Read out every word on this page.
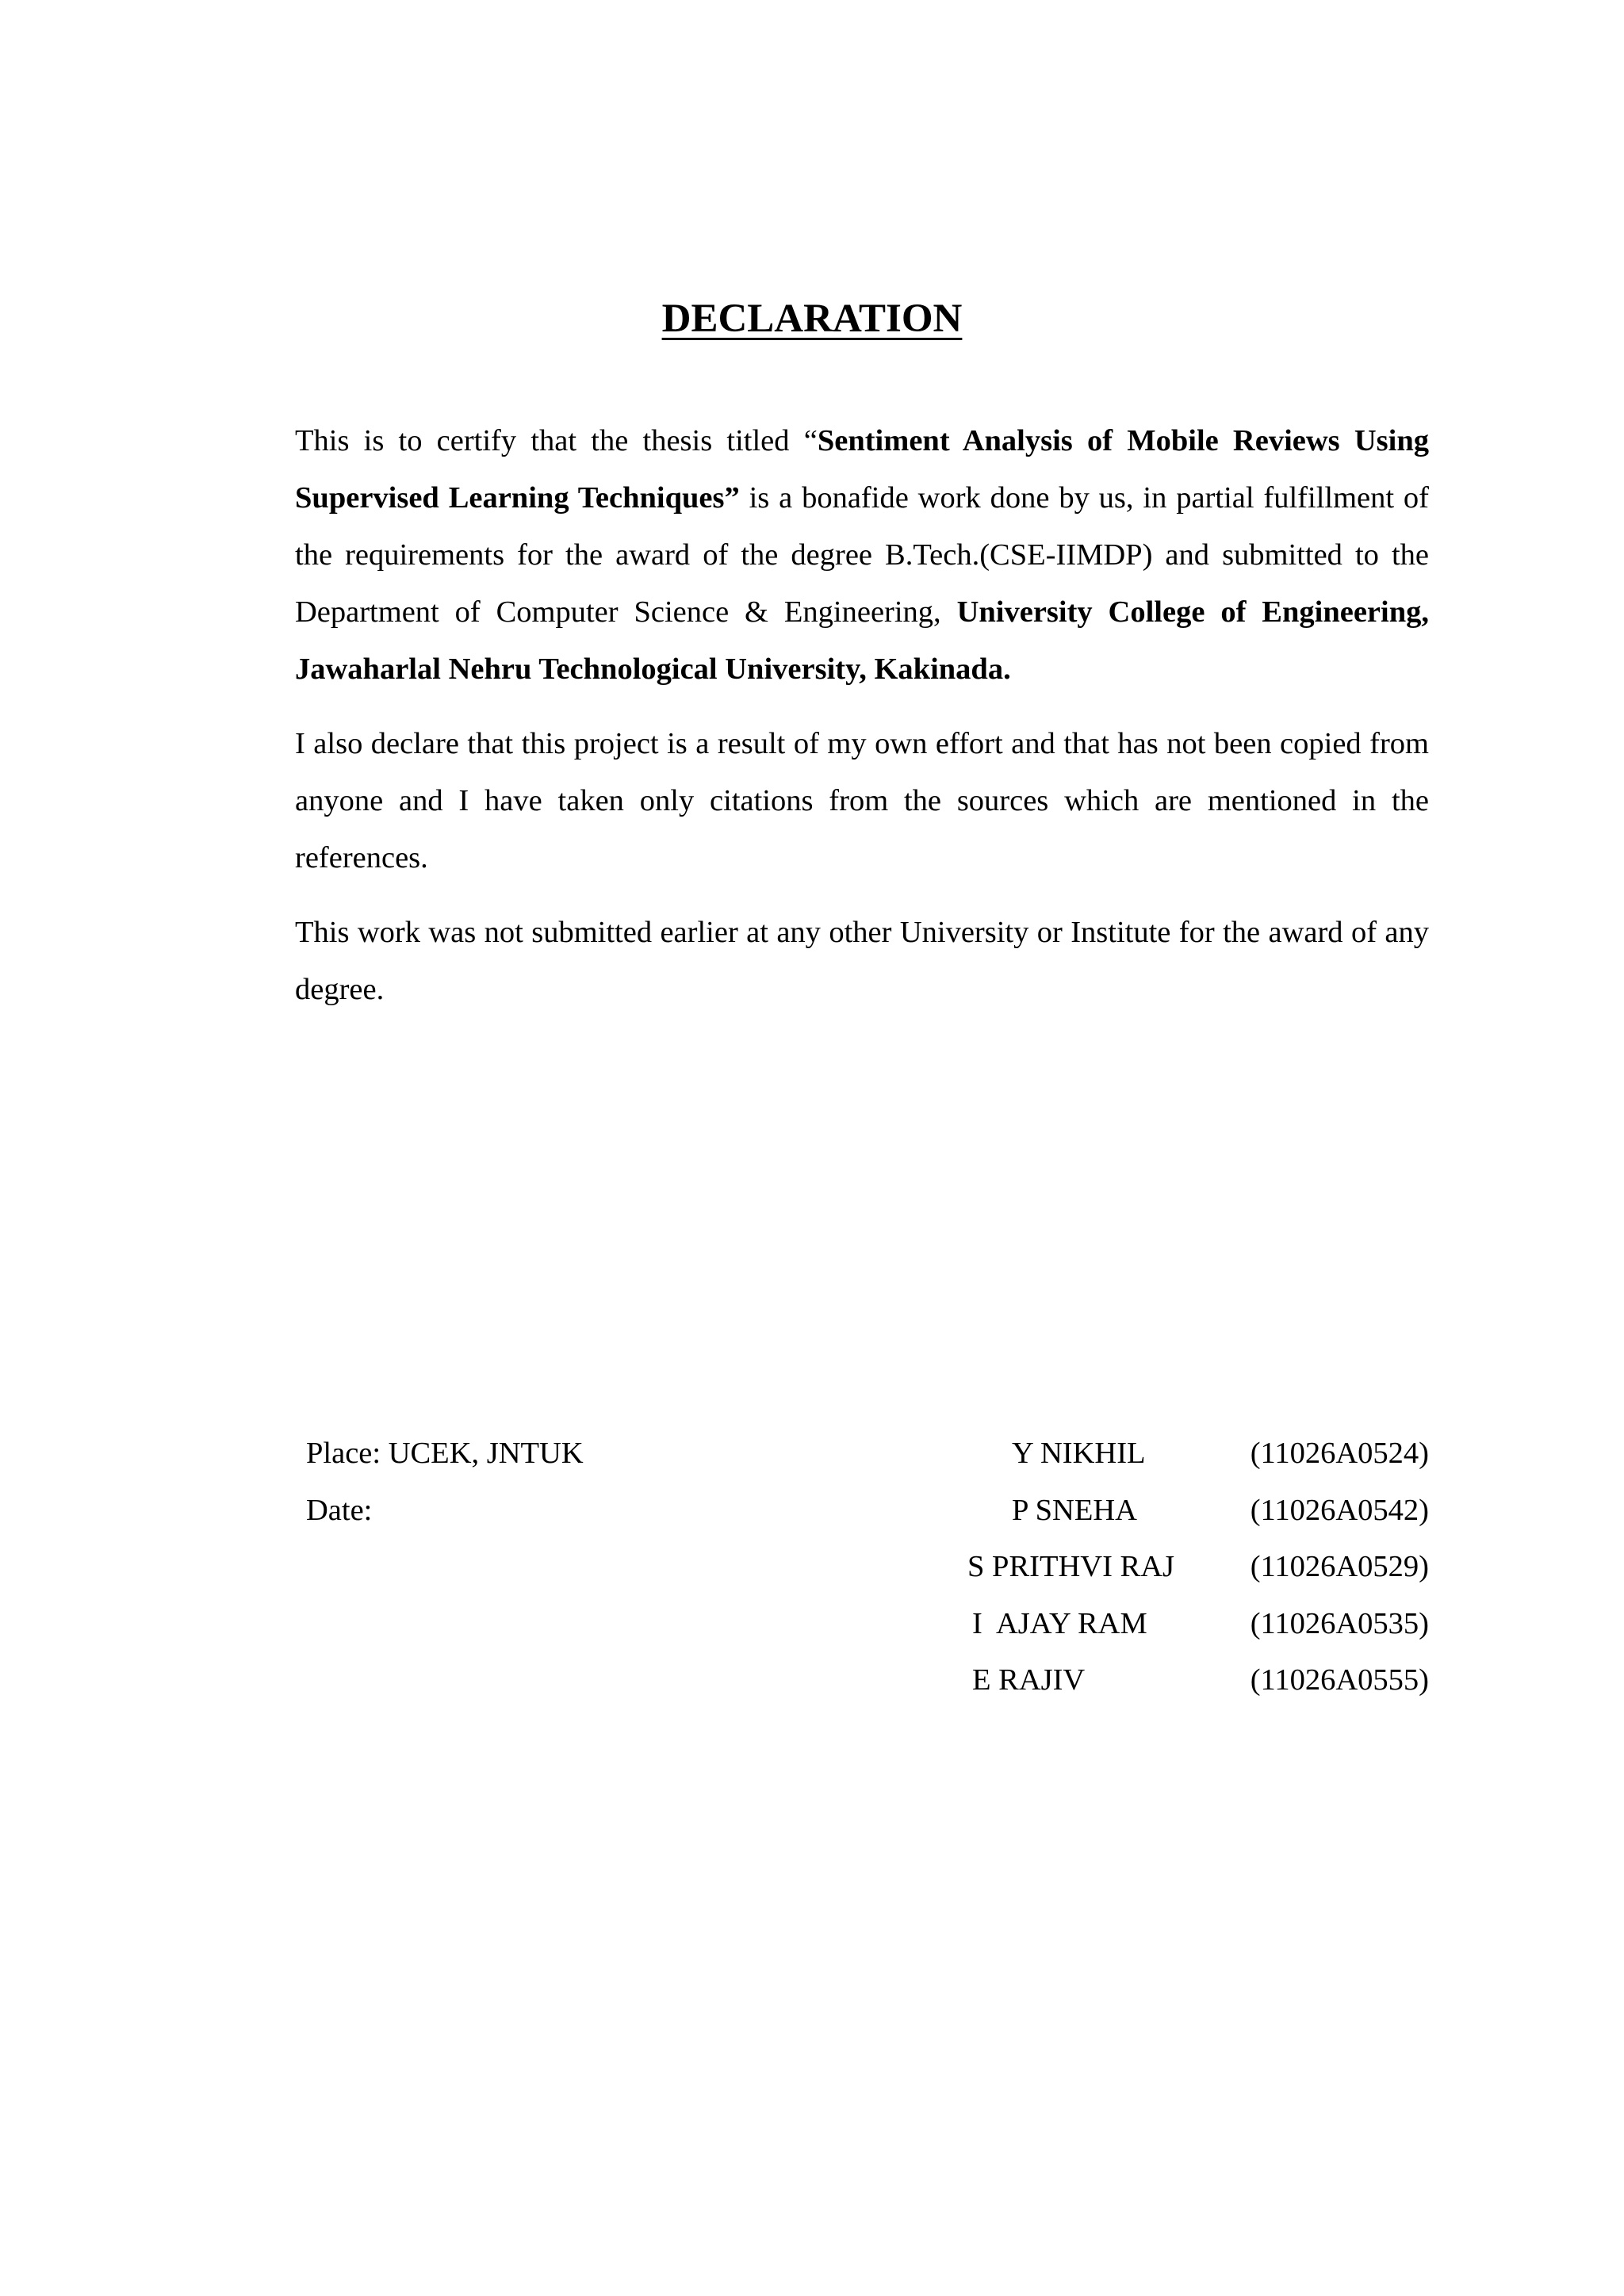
DECLARATION

This is to certify that the thesis titled “Sentiment Analysis of Mobile Reviews Using Supervised Learning Techniques” is a bonafide work done by us, in partial fulfillment of the requirements for the award of the degree B.Tech.(CSE-IIMDP) and submitted to the Department of Computer Science & Engineering, University College of Engineering, Jawaharlal Nehru Technological University, Kakinada.

I also declare that this project is a result of my own effort and that has not been copied from anyone and I have taken only citations from the sources which are mentioned in the references.

This work was not submitted earlier at any other University or Institute for the award of any degree.

Place: UCEK, JNTUK
Date:
Y NIKHIL	(11026A0524)
P SNEHA	(11026A0542)
S PRITHVI RAJ (11026A0529)
I  AJAY RAM	(11026A0535)
E RAJIV	(11026A0555)
